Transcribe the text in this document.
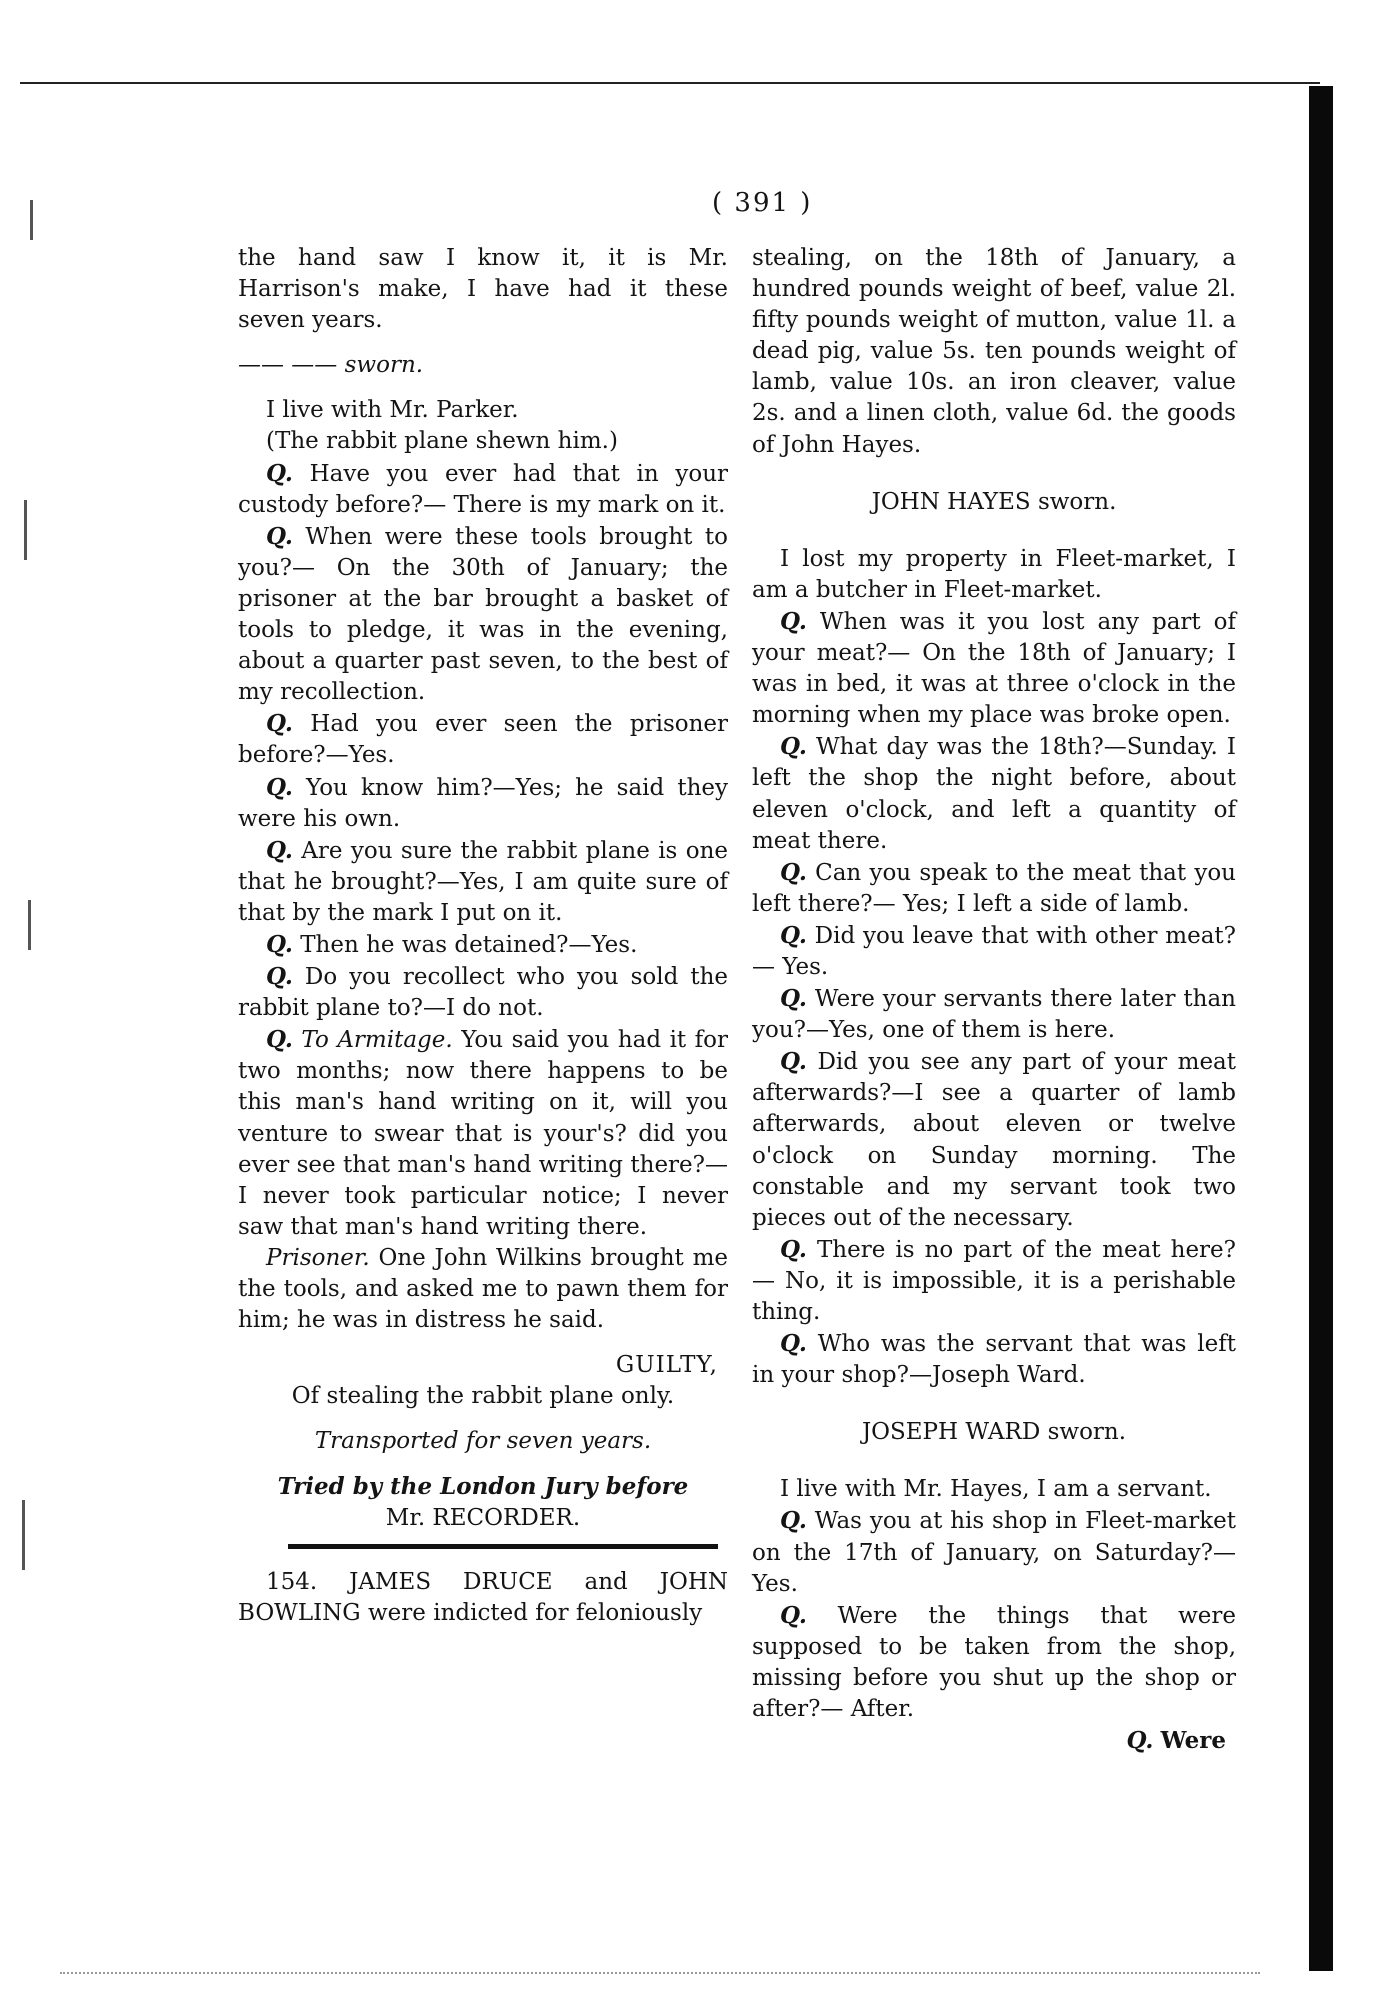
( 391 )

the hand saw I know it, it is Mr. Harrison's make, I have had it these seven years.

—— —— sworn.

I live with Mr. Parker.

(The rabbit plane shewn him.)

Q. Have you ever had that in your custody before?— There is my mark on it.

Q. When were these tools brought to you?— On the 30th of January; the prisoner at the bar brought a basket of tools to pledge, it was in the evening, about a quarter past seven, to the best of my recollection.

Q. Had you ever seen the prisoner before?—Yes.

Q. You know him?—Yes; he said they were his own.

Q. Are you sure the rabbit plane is one that he brought?—Yes, I am quite sure of that by the mark I put on it.

Q. Then he was detained?—Yes.

Q. Do you recollect who you sold the rabbit plane to?—I do not.

Q. To Armitage. You said you had it for two months; now there happens to be this man's hand writing on it, will you venture to swear that is your's? did you ever see that man's hand writing there?—I never took particular notice; I never saw that man's hand writing there.

Prisoner. One John Wilkins brought me the tools, and asked me to pawn them for him; he was in distress he said.

GUILTY,

Of stealing the rabbit plane only.

Transported for seven years.

Tried by the London Jury before

Mr. RECORDER.

154. JAMES DRUCE and JOHN BOWLING were indicted for feloniously

stealing, on the 18th of January, a hundred pounds weight of beef, value 2l. fifty pounds weight of mutton, value 1l. a dead pig, value 5s. ten pounds weight of lamb, value 10s. an iron cleaver, value 2s. and a linen cloth, value 6d. the goods of John Hayes.

JOHN HAYES sworn.

I lost my property in Fleet-market, I am a butcher in Fleet-market.

Q. When was it you lost any part of your meat?— On the 18th of January; I was in bed, it was at three o'clock in the morning when my place was broke open.

Q. What day was the 18th?—Sunday. I left the shop the night before, about eleven o'clock, and left a quantity of meat there.

Q. Can you speak to the meat that you left there?— Yes; I left a side of lamb.

Q. Did you leave that with other meat? — Yes.

Q. Were your servants there later than you?—Yes, one of them is here.

Q. Did you see any part of your meat afterwards?—I see a quarter of lamb afterwards, about eleven or twelve o'clock on Sunday morning. The constable and my servant took two pieces out of the necessary.

Q. There is no part of the meat here? — No, it is impossible, it is a perishable thing.

Q. Who was the servant that was left in your shop?—Joseph Ward.

JOSEPH WARD sworn.

I live with Mr. Hayes, I am a servant.

Q. Was you at his shop in Fleet-market on the 17th of January, on Saturday?—Yes.

Q. Were the things that were supposed to be taken from the shop, missing before you shut up the shop or after?— After.

Q. Were
